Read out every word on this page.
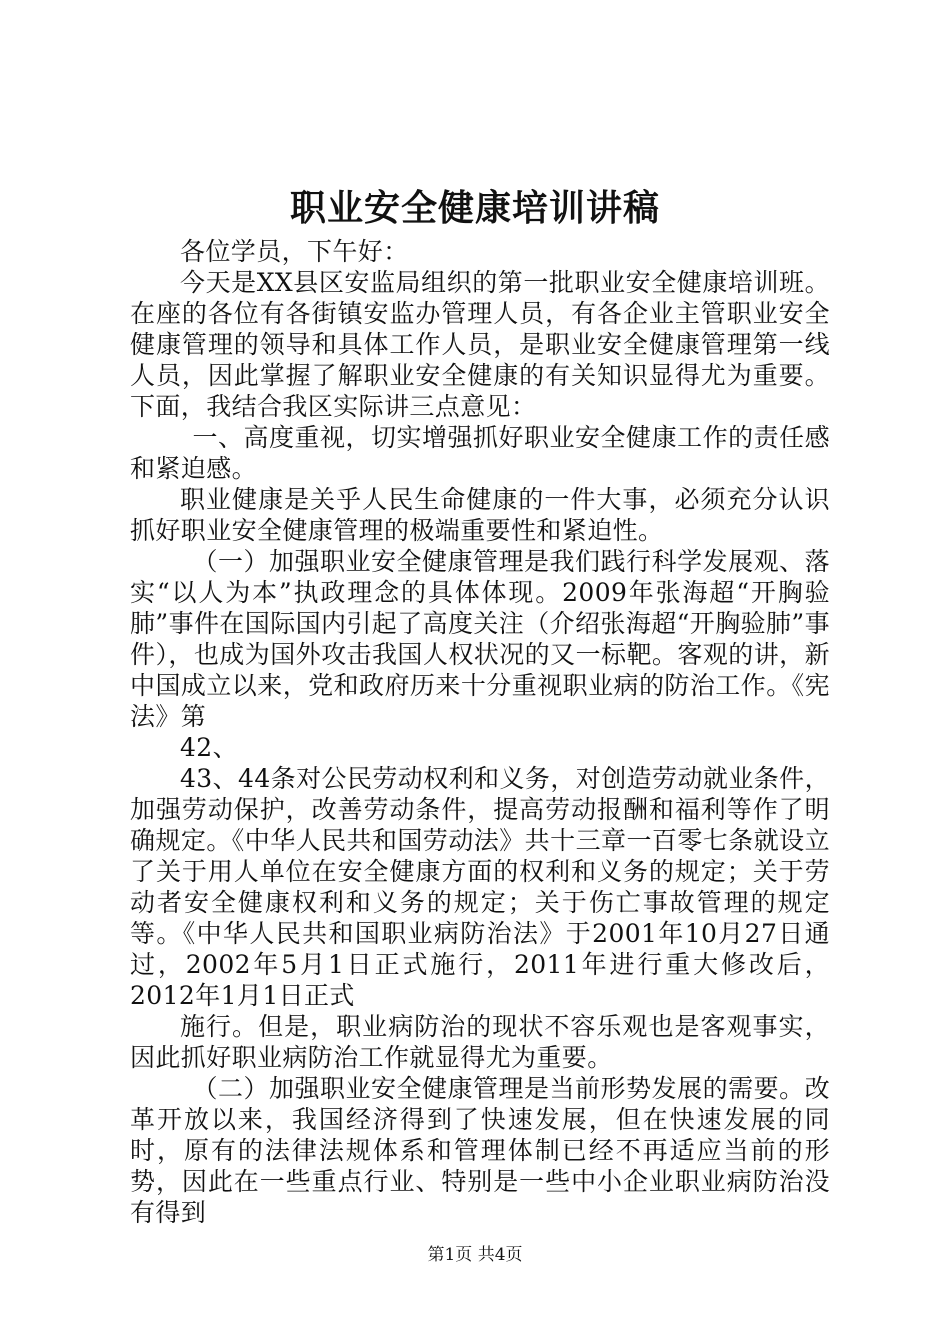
职业安全健康培训讲稿

各位学员，下午好：

今天是XX县区安监局组织的第一批职业安全健康培训班。在座的各位有各街镇安监办管理人员，有各企业主管职业安全健康管理的领导和具体工作人员，是职业安全健康管理第一线人员，因此掌握了解职业安全健康的有关知识显得尤为重要。下面，我结合我区实际讲三点意见：

一、高度重视，切实增强抓好职业安全健康工作的责任感和紧迫感。

职业健康是关乎人民生命健康的一件大事，必须充分认识抓好职业安全健康管理的极端重要性和紧迫性。

（一）加强职业安全健康管理是我们践行科学发展观、落实“以人为本”执政理念的具体体现。2009年张海超“开胸验肺”事件在国际国内引起了高度关注（介绍张海超“开胸验肺”事件），也成为国外攻击我国人权状况的又一标靶。客观的讲，新中国成立以来，党和政府历来十分重视职业病的防治工作。《宪法》第

42、

43、44条对公民劳动权利和义务，对创造劳动就业条件，加强劳动保护，改善劳动条件，提高劳动报酬和福利等作了明确规定。《中华人民共和国劳动法》共十三章一百零七条就设立了关于用人单位在安全健康方面的权利和义务的规定；关于劳动者安全健康权利和义务的规定；关于伤亡事故管理的规定等。《中华人民共和国职业病防治法》于2001年10月27日通过，2002年5月1日正式施行，2011年进行重大修改后，2012年1月1日正式

施行。但是，职业病防治的现状不容乐观也是客观事实，因此抓好职业病防治工作就显得尤为重要。

（二）加强职业安全健康管理是当前形势发展的需要。改革开放以来，我国经济得到了快速发展，但在快速发展的同时，原有的法律法规体系和管理体制已经不再适应当前的形势，因此在一些重点行业、特别是一些中小企业职业病防治没有得到

第1页 共4页
